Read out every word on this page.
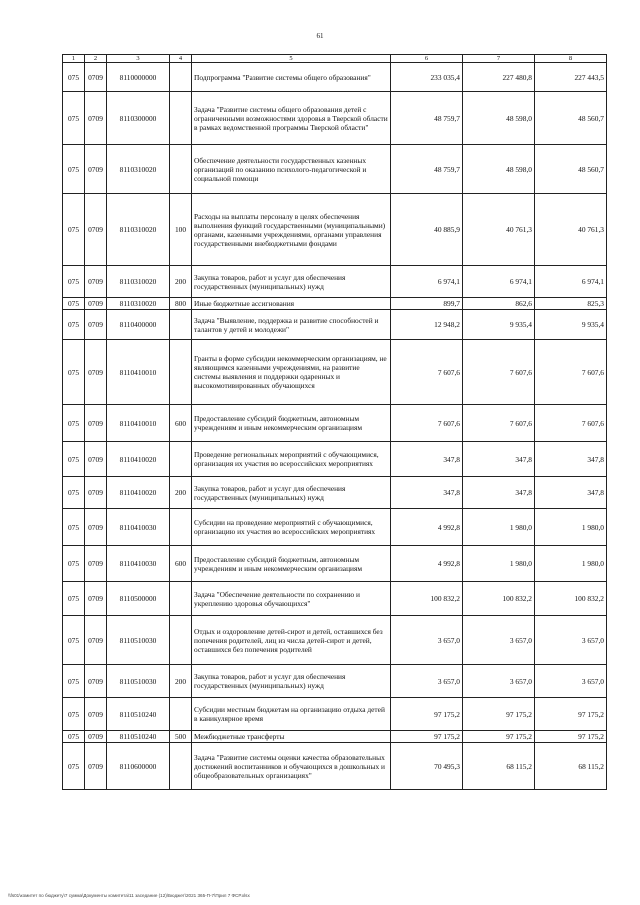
61
1	2	3	4	5	6	7	8
075	0709	8110000000		Подпрограмма "Развитие системы общего образования"	233 035,4	227 480,8	227 443,5
075	0709	8110300000		Задача "Развитие системы общего образования детей с ограниченными возможностями здоровья в Тверской области в рамках ведомственной программы Тверской области"	48 759,7	48 598,0	48 560,7
075	0709	8110310020		Обеспечение деятельности государственных казенных организаций по оказанию психолого-педагогической и социальной помощи	48 759,7	48 598,0	48 560,7
075	0709	8110310020	100	Расходы на выплаты персоналу в целях обеспечения выполнения функций государственными (муниципальными) органами, казенными учреждениями, органами управления государственными внебюджетными фондами	40 885,9	40 761,3	40 761,3
075	0709	8110310020	200	Закупка товаров, работ и услуг для обеспечения государственных (муниципальных) нужд	6 974,1	6 974,1	6 974,1
075	0709	8110310020	800	Иные бюджетные ассигнования	899,7	862,6	825,3
075	0709	8110400000		Задача "Выявление, поддержка и развитие способностей и талантов у детей и молодежи"	12 948,2	9 935,4	9 935,4
075	0709	8110410010		Гранты в форме субсидии некоммерческим организациям, не являющимся казенными учреждениями, на развитие системы выявления и поддержки одаренных и высокомотивированных обучающихся	7 607,6	7 607,6	7 607,6
075	0709	8110410010	600	Предоставление субсидий бюджетным, автономным учреждениям и иным некоммерческим организациям	7 607,6	7 607,6	7 607,6
075	0709	8110410020		Проведение региональных мероприятий с обучающимися, организация их участия во всероссийских мероприятиях	347,8	347,8	347,8
075	0709	8110410020	200	Закупка товаров, работ и услуг для обеспечения государственных (муниципальных) нужд	347,8	347,8	347,8
075	0709	8110410030		Субсидии на проведение мероприятий с обучающимися, организацию их участия во всероссийских мероприятиях	4 992,8	1 980,0	1 980,0
075	0709	8110410030	600	Предоставление субсидий бюджетным, автономным учреждениям и иным некоммерческим организациям	4 992,8	1 980,0	1 980,0
075	0709	8110500000		Задача "Обеспечение деятельности по сохранению и укреплению здоровья обучающихся"	100 832,2	100 832,2	100 832,2
075	0709	8110510030		Отдых и оздоровление детей-сирот и детей, оставшихся без попечения родителей, лиц из числа детей-сирот и детей, оставшихся без попечения родителей	3 657,0	3 657,0	3 657,0
075	0709	8110510030	200	Закупка товаров, работ и услуг для обеспечения государственных (муниципальных) нужд	3 657,0	3 657,0	3 657,0
075	0709	8110510240		Субсидии местным бюджетам на организацию отдыха детей в каникулярное время	97 175,2	97 175,2	97 175,2
075	0709	8110510240	500	Межбюджетные трансферты	97 175,2	97 175,2	97 175,2
075	0709	8110600000		Задача "Развитие системы оценки качества образовательных достижений воспитанников и обучающихся в дошкольных и общеобразовательных организациях"	70 495,3	68 115,2	68 115,2
\\fs01\комитет по бюджету\7 сумма\Документы комитета\11 заседание (12)\Бюджет\2021 365-П-7\Прил 7 ФСР.xlsx
